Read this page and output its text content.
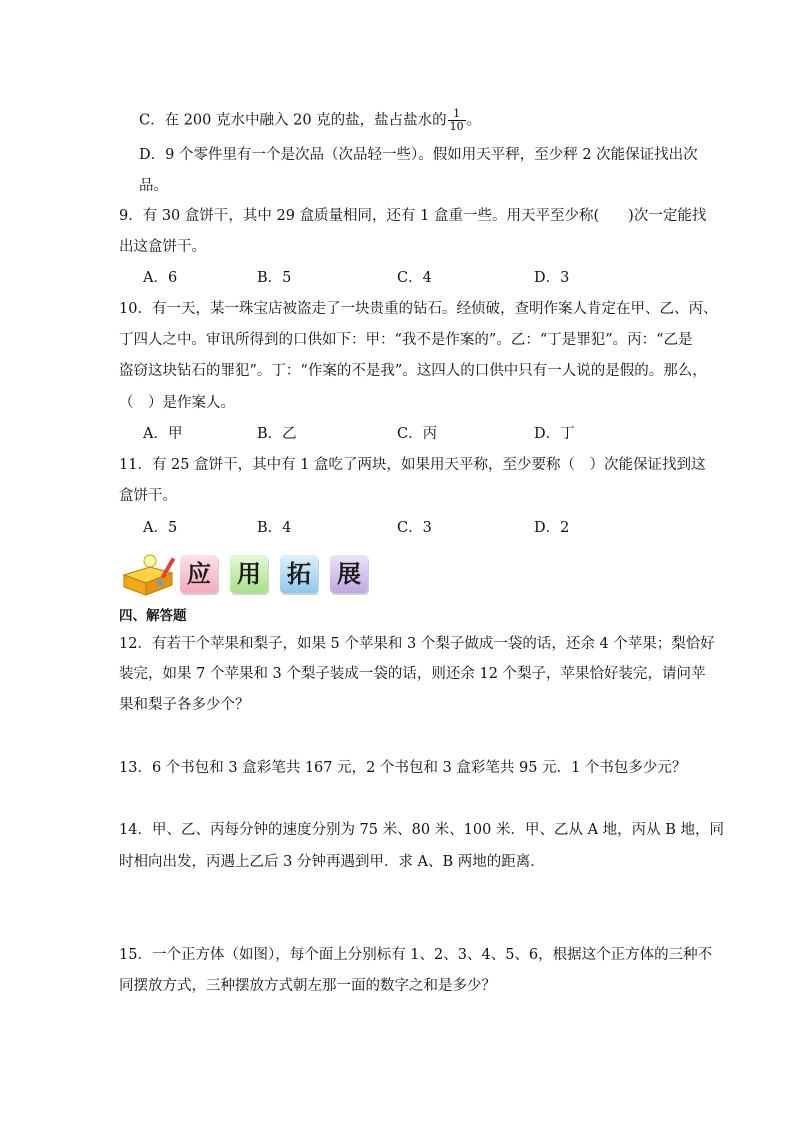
C．在 200 克水中融入 20 克的盐，盐占盐水的 $\frac{1}{10}$ 。
D．9 个零件里有一个是次品（次品轻一些）。假如用天平秤，至少秤 2 次能保证找出次
品。
9．有 30 盒饼干，其中 29 盒质量相同，还有 1 盒重一些。用天平至少称(　　)次一定能找
出这盒饼干。
A．6	B．5	C．4	D．3
10．有一天，某一珠宝店被盗走了一块贵重的钻石。经侦破，查明作案人肯定在甲、乙、丙、
丁四人之中。审讯所得到的口供如下：甲：“我不是作案的”。乙：“丁是罪犯”。丙：“乙是
盗窃这块钻石的罪犯”。丁：“作案的不是我”。这四人的口供中只有一人说的是假的。那么，
（　）是作案人。
A．甲	B．乙	C．丙	D．丁
11．有 25 盒饼干，其中有 1 盒吃了两块，如果用天平称，至少要称（　）次能保证找到这
盒饼干。
A．5	B．4	C．3	D．2
应 用 拓 展
四、解答题
12．有若干个苹果和梨子，如果 5 个苹果和 3 个梨子做成一袋的话，还余 4 个苹果；梨恰好
装完，如果 7 个苹果和 3 个梨子装成一袋的话，则还余 12 个梨子，苹果恰好装完，请问苹
果和梨子各多少个？
13．6 个书包和 3 盒彩笔共 167 元，2 个书包和 3 盒彩笔共 95 元．1 个书包多少元？
14．甲、乙、丙每分钟的速度分别为 75 米、80 米、100 米．甲、乙从 A 地，丙从 B 地，同
时相向出发，丙遇上乙后 3 分钟再遇到甲．求 A、B 两地的距离．
15．一个正方体（如图），每个面上分别标有 1、2、3、4、5、6，根据这个正方体的三种不
同摆放方式，三种摆放方式朝左那一面的数字之和是多少？
